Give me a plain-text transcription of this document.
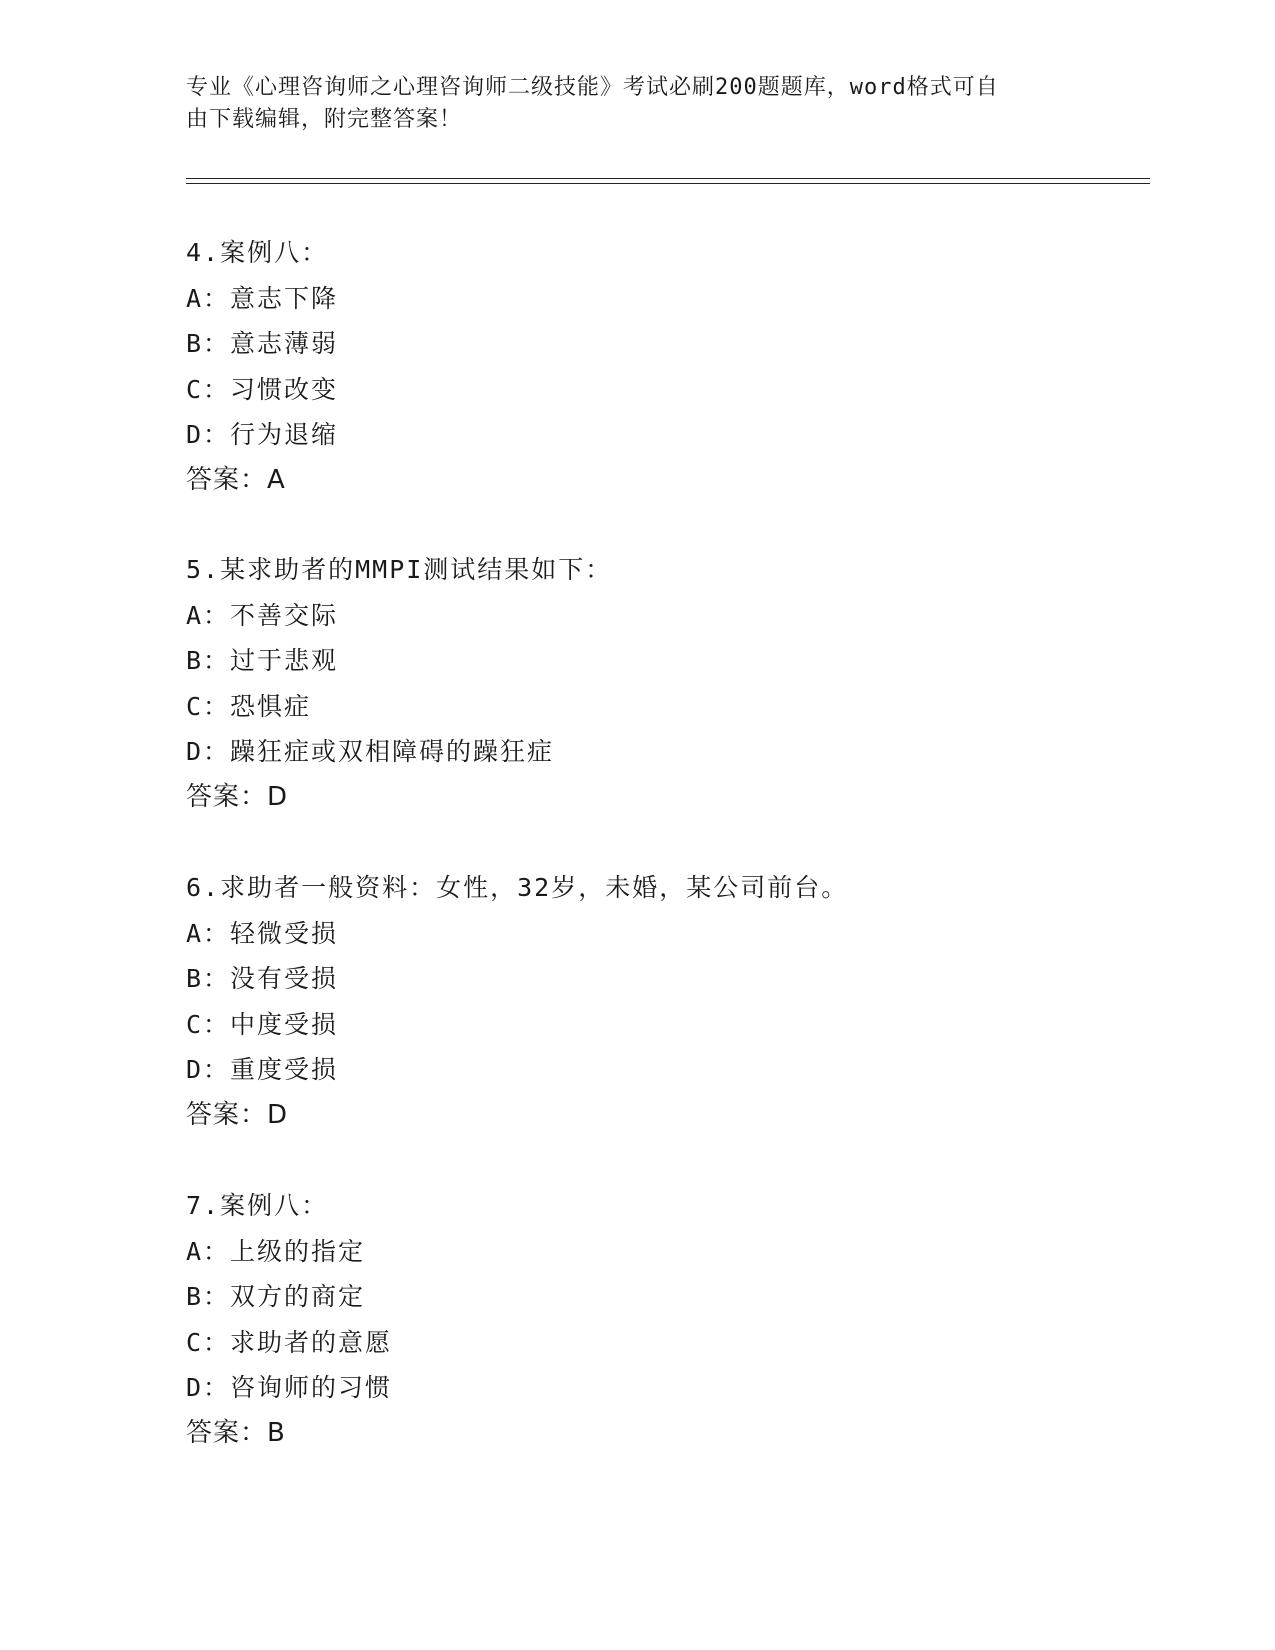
专业《心理咨询师之心理咨询师二级技能》考试必刷200题题库，word格式可自
由下载编辑，附完整答案！
4.案例八：
A：意志下降
B：意志薄弱
C：习惯改变
D：行为退缩
答案：A
5.某求助者的MMPI测试结果如下：
A：不善交际
B：过于悲观
C：恐惧症
D：躁狂症或双相障碍的躁狂症
答案：D
6.求助者一般资料：女性，32岁，未婚，某公司前台。
A：轻微受损
B：没有受损
C：中度受损
D：重度受损
答案：D
7.案例八：
A：上级的指定
B：双方的商定
C：求助者的意愿
D：咨询师的习惯
答案：B
